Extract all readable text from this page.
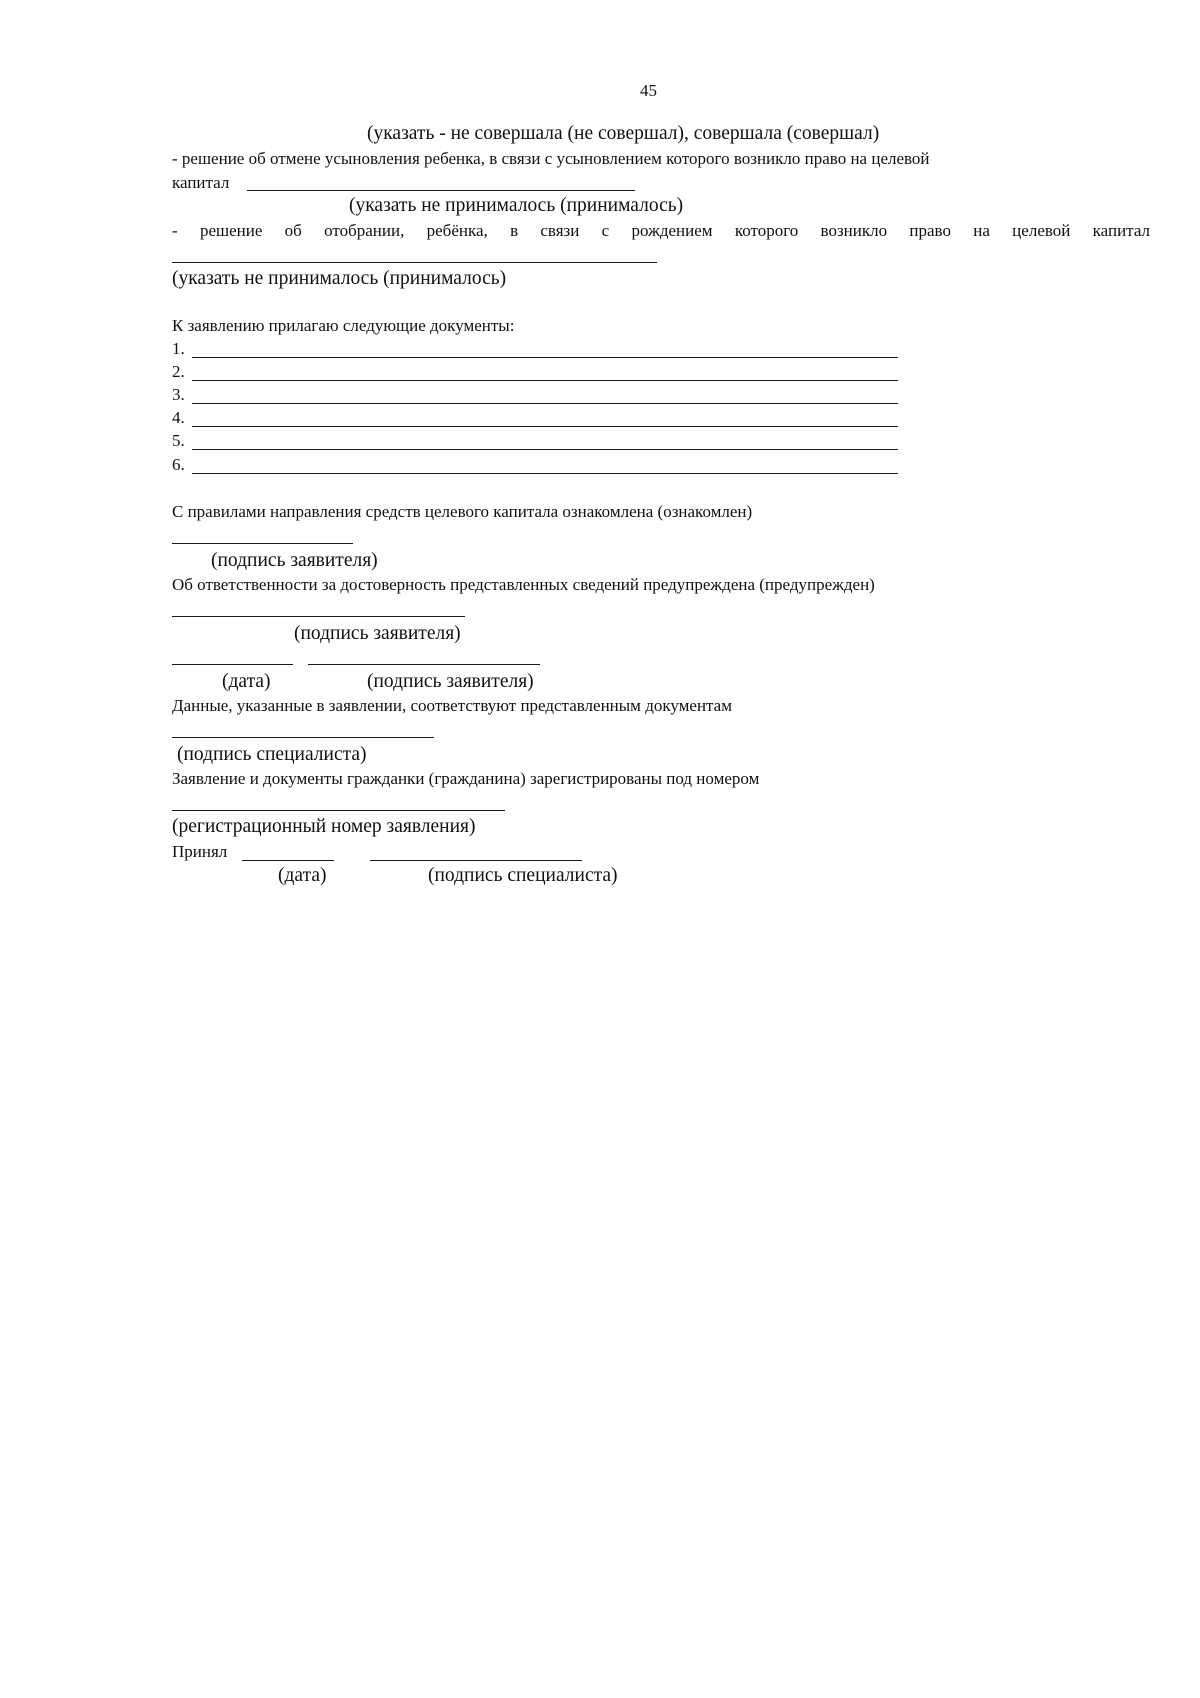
45
(указать - не совершала (не совершал), совершала (совершал)
- решение об отмене усыновления ребенка, в связи с усыновлением которого возникло право на целевой
капитал
(указать не принималось (принималось)
- решение об отобрании, ребёнка, в связи с рождением которого возникло право на целевой капитал
(указать не принималось (принималось)
К заявлению прилагаю следующие документы:
1.
2.
3.
4.
5.
6.
С правилами направления средств целевого капитала ознакомлена (ознакомлен)
(подпись заявителя)
Об ответственности за достоверность представленных сведений предупреждена (предупрежден)
(подпись заявителя)
(дата)	(подпись заявителя)
Данные, указанные в заявлении, соответствуют представленным документам
(подпись специалиста)
Заявление и документы гражданки (гражданина) зарегистрированы под номером
(регистрационный номер заявления)
Принял
(дата)	(подпись специалиста)
